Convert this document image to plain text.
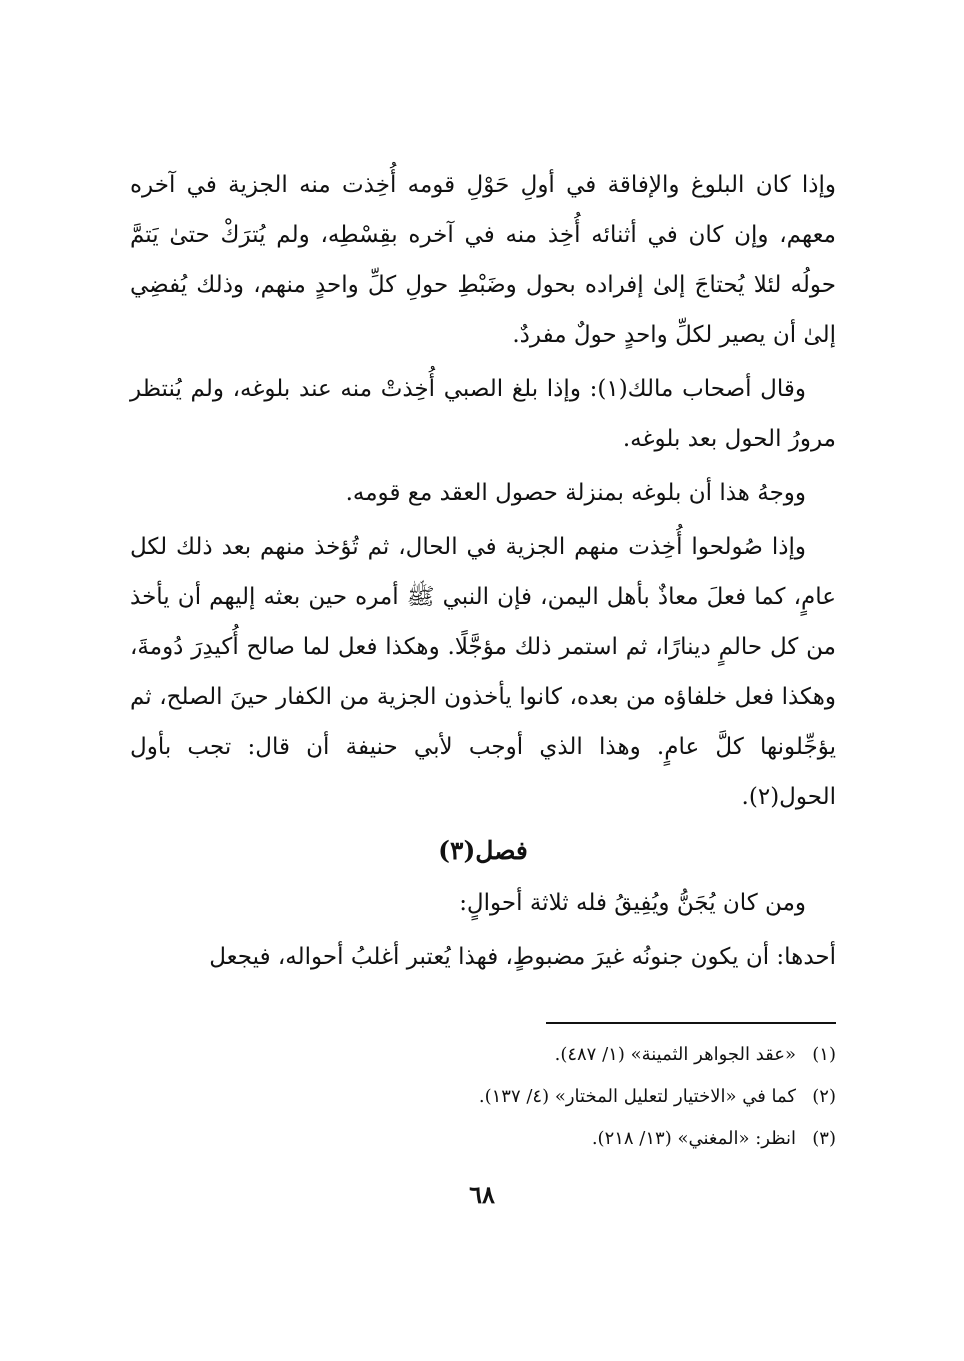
وإذا كان البلوغ والإفاقة في أولِ حَوْلِ قومه أُخِذت منه الجزية في آخره معهم، وإن كان في أثنائه أُخِذ منه في آخره بقِسْطِه، ولم يُترَكْ حتىٰ يَتمَّ حولُه لئلا يُحتاجَ إلىٰ إفراده بحول وضَبْطِ حولِ كلِّ واحدٍ منهم، وذلك يُفضِي إلىٰ أن يصير لكلِّ واحدٍ حولٌ مفردٌ.

وقال أصحاب مالك(١): وإذا بلغ الصبي أُخِذتْ منه عند بلوغه، ولم يُنتظر مرورُ الحول بعد بلوغه.

ووجهُ هذا أن بلوغه بمنزلة حصول العقد مع قومه.

وإذا صُولحوا أُخِذت منهم الجزية في الحال، ثم تُؤخذ منهم بعد ذلك لكل عامٍ، كما فعلَ معاذٌ بأهل اليمن، فإن النبي ﷺ أمره حين بعثه إليهم أن يأخذ من كل حالمٍ دينارًا، ثم استمر ذلك مؤجَّلًا. وهكذا فعل لما صالح أُكيدِرَ دُومةَ، وهكذا فعل خلفاؤه من بعده، كانوا يأخذون الجزية من الكفار حينَ الصلح، ثم يؤجِّلونها كلَّ عامٍ. وهذا الذي أوجب لأبي حنيفة أن قال: تجب بأول الحول(٢).

فصل(٣)

ومن كان يُجَنُّ ويُفِيقُ فله ثلاثة أحوالٍ:

أحدها: أن يكون جنونُه غيرَ مضبوطٍ، فهذا يُعتبر أغلبُ أحواله، فيجعل

(١)
«عقد الجواهر الثمينة» (١/ ٤٨٧).
(٢)
كما في «الاختيار لتعليل المختار» (٤/ ١٣٧).
(٣)
انظر: «المغني» (١٣/ ٢١٨).
٦٨
